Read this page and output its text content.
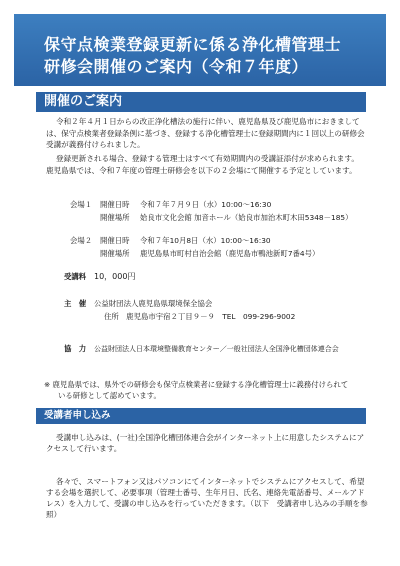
保守点検業登録更新に係る浄化槽管理士
研修会開催のご案内（令和７年度）
開催のご案内
令和２年４月１日からの改正浄化槽法の施行に伴い、鹿児島県及び鹿児島市におきましては、保守点検業者登録条例に基づき、登録する浄化槽管理士に登録期間内に１回以上の研修会受講が義務付けられました。
登録更新される場合、登録する管理士はすべて有効期間内の受講証添付が求められます。鹿児島県では、令和７年度の管理士研修会を以下の２会場にて開催する予定としています。
会場１ 開催日時 令和７年７月９日（水）10:00～16:30
開催場所 姶良市文化会館 加音ホール（姶良市加治木町木田5348－185）
会場２ 開催日時 令和７年10月8日（水）10:00～16:30
開催場所 鹿児島県市町村自治会館（鹿児島市鴨池新町7番4号）
受講料 10，000円
主　催 公益財団法人鹿児島県環境保全協会
住所　鹿児島市宇宿２丁目９－９　TEL　099-296-9002
協　力 公益財団法人日本環境整備教育センター／一般社団法人全国浄化槽団体連合会
※ 鹿児島県では、県外での研修会も保守点検業者に登録する浄化槽管理士に義務付けられて
いる研修として認めています。
受講者申し込み
受講申し込みは、(一社)全国浄化槽団体連合会がインターネット上に用意したシステムにアクセスして行います。
各々で、スマートフォン又はパソコンにてインターネットでシステムにアクセスして、希望する会場を選択して、必要事項（管理士番号、生年月日、氏名、連絡先電話番号、メールアドレス）を入力して、受講の申し込みを行っていただきます。（以下　受講者申し込みの手順を参照）
